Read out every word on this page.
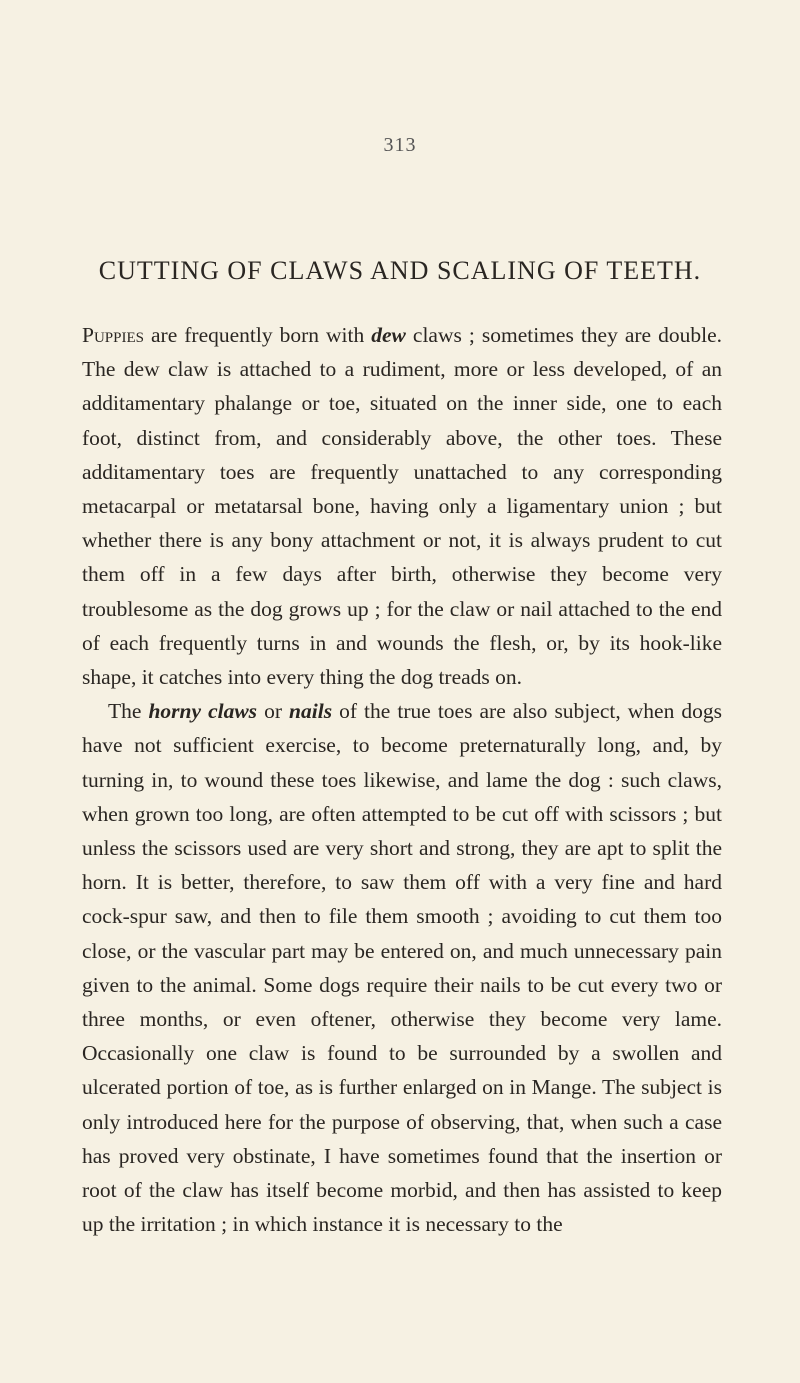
313
CUTTING OF CLAWS AND SCALING OF TEETH.

Puppies are frequently born with dew claws ; sometimes they are double. The dew claw is attached to a rudiment, more or less developed, of an additamentary phalange or toe, situated on the inner side, one to each foot, distinct from, and considerably above, the other toes. These additamentary toes are frequently unattached to any corresponding metacarpal or metatarsal bone, having only a ligamentary union ; but whether there is any bony attachment or not, it is always prudent to cut them off in a few days after birth, otherwise they become very troublesome as the dog grows up ; for the claw or nail attached to the end of each frequently turns in and wounds the flesh, or, by its hook-like shape, it catches into every thing the dog treads on.

The horny claws or nails of the true toes are also subject, when dogs have not sufficient exercise, to become preternaturally long, and, by turning in, to wound these toes likewise, and lame the dog : such claws, when grown too long, are often attempted to be cut off with scissors ; but unless the scissors used are very short and strong, they are apt to split the horn. It is better, therefore, to saw them off with a very fine and hard cock-spur saw, and then to file them smooth ; avoiding to cut them too close, or the vascular part may be entered on, and much unnecessary pain given to the animal. Some dogs require their nails to be cut every two or three months, or even oftener, otherwise they become very lame. Occasionally one claw is found to be surrounded by a swollen and ulcerated portion of toe, as is further enlarged on in Mange. The subject is only introduced here for the purpose of observing, that, when such a case has proved very obstinate, I have sometimes found that the insertion or root of the claw has itself become morbid, and then has assisted to keep up the irritation ; in which instance it is necessary to the
